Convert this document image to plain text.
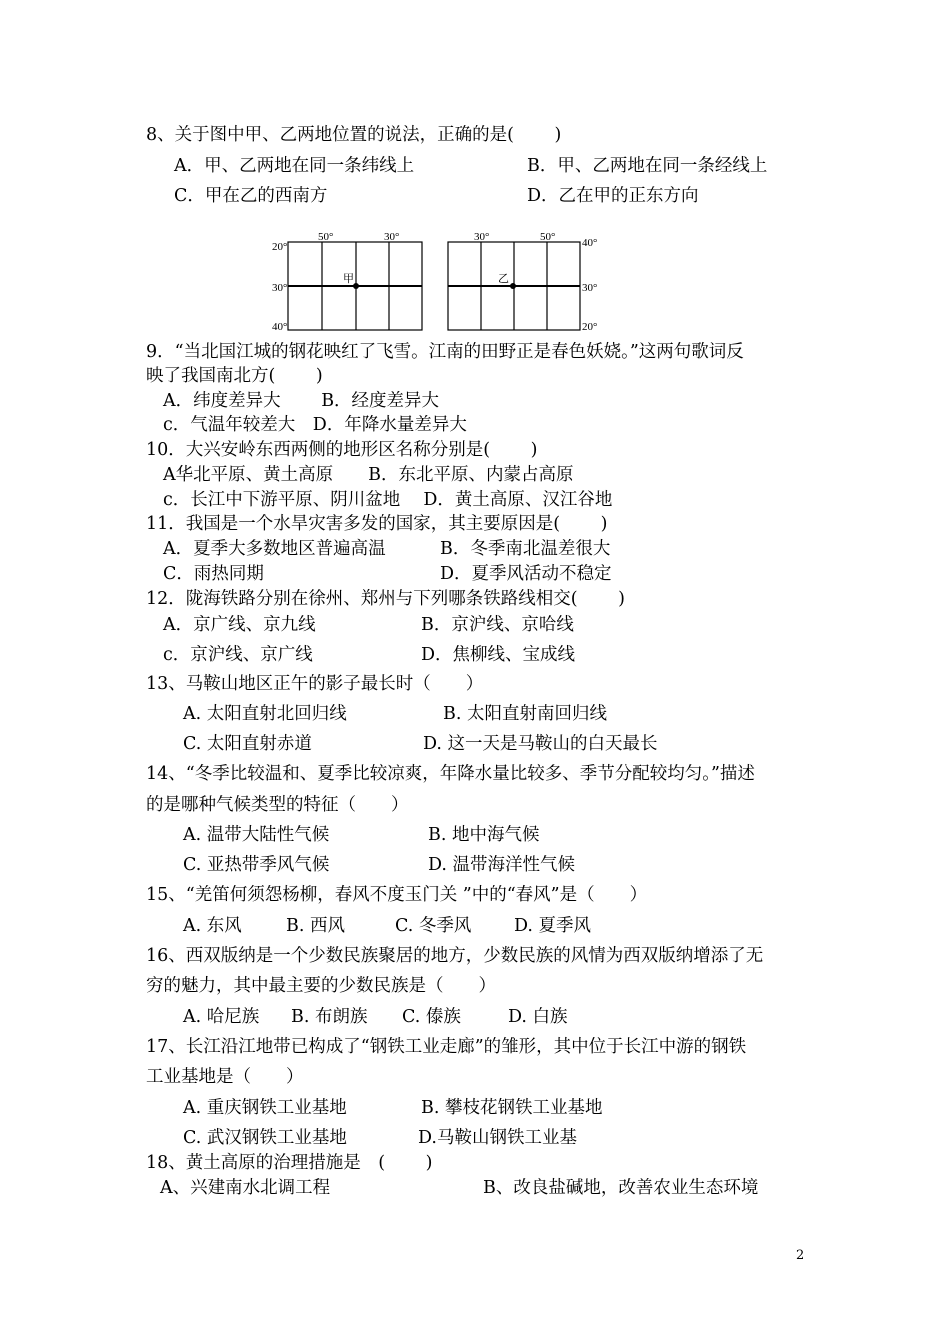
8、关于图中甲、乙两地位置的说法，正确的是(　　 )
A．甲、乙两地在同一条纬线上	B．甲、乙两地在同一条经线上
C．甲在乙的西南方	D．乙在甲的正东方向
甲
50°	30°
20°
30°
40°
乙
30°	50° 40°
30°
20°
9．“当北国江城的钢花映红了飞雪。江南的田野正是春色妖娆。”这两句歌词反
映了我国南北方(　　 )
A．纬度差异大　　 B．经度差异大
c．气温年较差大　D．年降水量差异大
10．大兴安岭东西两侧的地形区名称分别是(　　 )
A华北平原、黄土高原　　B．东北平原、内蒙占高原
c．长江中下游平原、阴川盆地　 D．黄土高原、汉江谷地
11．我国是一个水旱灾害多发的国家，其主要原因是(　　 )
A．夏季大多数地区普遍高温	B．冬季南北温差很大
C．雨热同期	D．夏季风活动不稳定
12．陇海铁路分别在徐州、郑州与下列哪条铁路线相交(　　 )
A．京广线、京九线	B．京沪线、京哈线
c．京沪线、京广线	D．焦柳线、宝成线
13、马鞍山地区正午的影子最长时（　　）
A. 太阳直射北回归线	B. 太阳直射南回归线
C. 太阳直射赤道	D. 这一天是马鞍山的白天最长
14、“冬季比较温和、夏季比较凉爽，年降水量比较多、季节分配较均匀。”描述
的是哪种气候类型的特征（　　）
A. 温带大陆性气候	B. 地中海气候
C. 亚热带季风气候	D. 温带海洋性气候
15、“羌笛何须怨杨柳，春风不度玉门关 ”中的“春风”是（　　）
A. 东风	B. 西风	C. 冬季风 D. 夏季风
16、西双版纳是一个少数民族聚居的地方，少数民族的风情为西双版纳增添了无
穷的魅力，其中最主要的少数民族是（　　）
A. 哈尼族 B. 布朗族 C. 傣族	D. 白族
17、长江沿江地带已构成了“钢铁工业走廊”的雏形，其中位于长江中游的钢铁
工业基地是（　　）
A. 重庆钢铁工业基地	B. 攀枝花钢铁工业基地
C. 武汉钢铁工业基地	D.马鞍山钢铁工业基
18、黄土高原的治理措施是　(　　 )
A、兴建南水北调工程	B、改良盐碱地，改善农业生态环境
2
